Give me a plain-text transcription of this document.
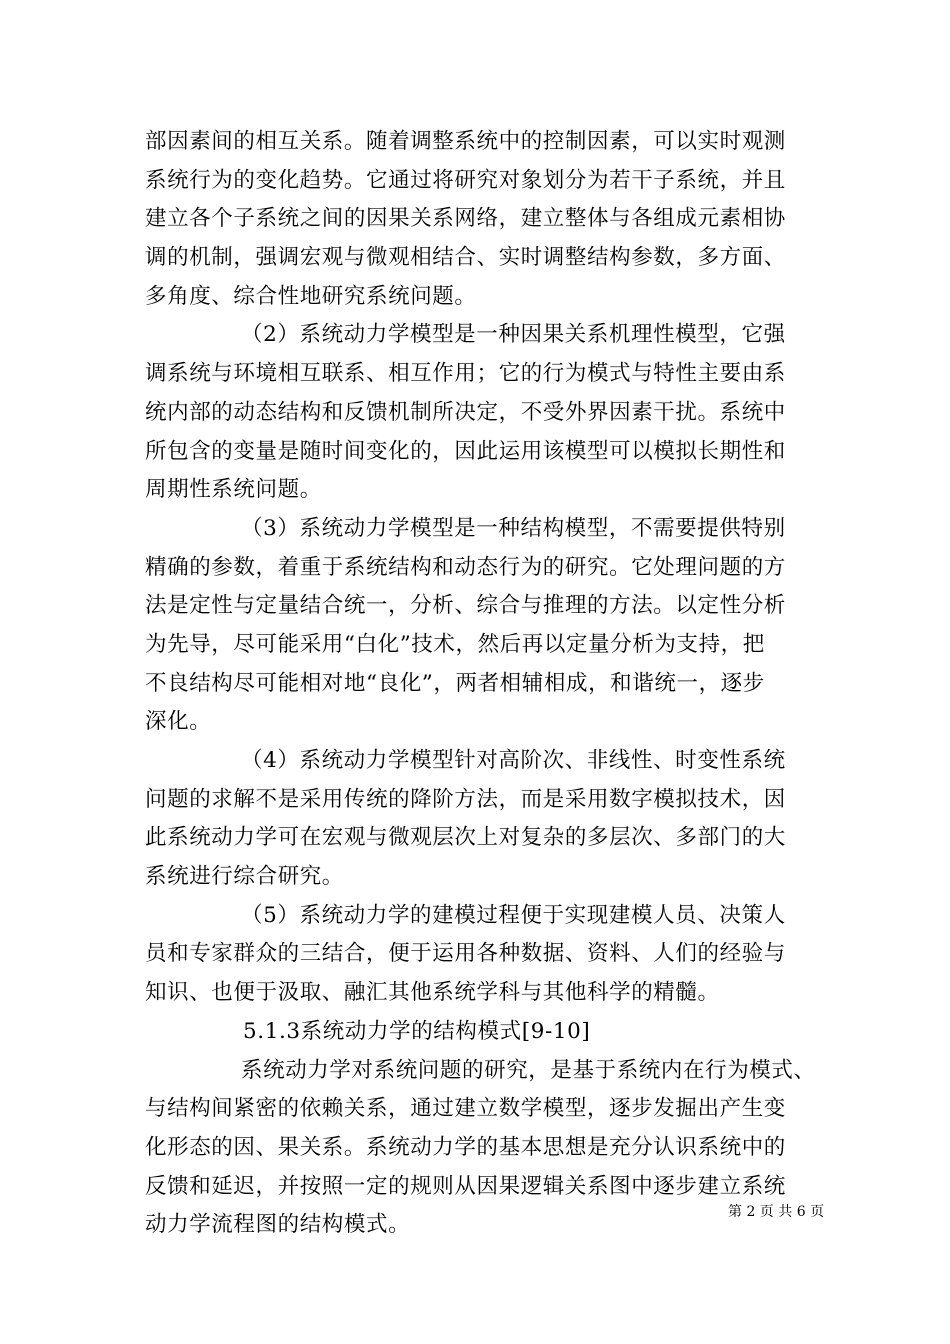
部因素间的相互关系。随着调整系统中的控制因素，可以实时观测
系统行为的变化趋势。它通过将研究对象划分为若干子系统，并且
建立各个子系统之间的因果关系网络，建立整体与各组成元素相协
调的机制，强调宏观与微观相结合、实时调整结构参数，多方面、
多角度、综合性地研究系统问题。
（2）系统动力学模型是一种因果关系机理性模型，它强
调系统与环境相互联系、相互作用；它的行为模式与特性主要由系
统内部的动态结构和反馈机制所决定，不受外界因素干扰。系统中
所包含的变量是随时间变化的，因此运用该模型可以模拟长期性和
周期性系统问题。
（3）系统动力学模型是一种结构模型，不需要提供特别
精确的参数，着重于系统结构和动态行为的研究。它处理问题的方
法是定性与定量结合统一，分析、综合与推理的方法。以定性分析
为先导，尽可能采用“白化”技术，然后再以定量分析为支持，把
不良结构尽可能相对地“良化”，两者相辅相成，和谐统一，逐步
深化。
（4）系统动力学模型针对高阶次、非线性、时变性系统
问题的求解不是采用传统的降阶方法，而是采用数字模拟技术，因
此系统动力学可在宏观与微观层次上对复杂的多层次、多部门的大
系统进行综合研究。
（5）系统动力学的建模过程便于实现建模人员、决策人
员和专家群众的三结合，便于运用各种数据、资料、人们的经验与
知识、也便于汲取、融汇其他系统学科与其他科学的精髓。
5.1.3系统动力学的结构模式[9-10]
系统动力学对系统问题的研究，是基于系统内在行为模式、
与结构间紧密的依赖关系，通过建立数学模型，逐步发掘出产生变
化形态的因、果关系。系统动力学的基本思想是充分认识系统中的
反馈和延迟，并按照一定的规则从因果逻辑关系图中逐步建立系统
动力学流程图的结构模式。
第 2 页 共 6 页
